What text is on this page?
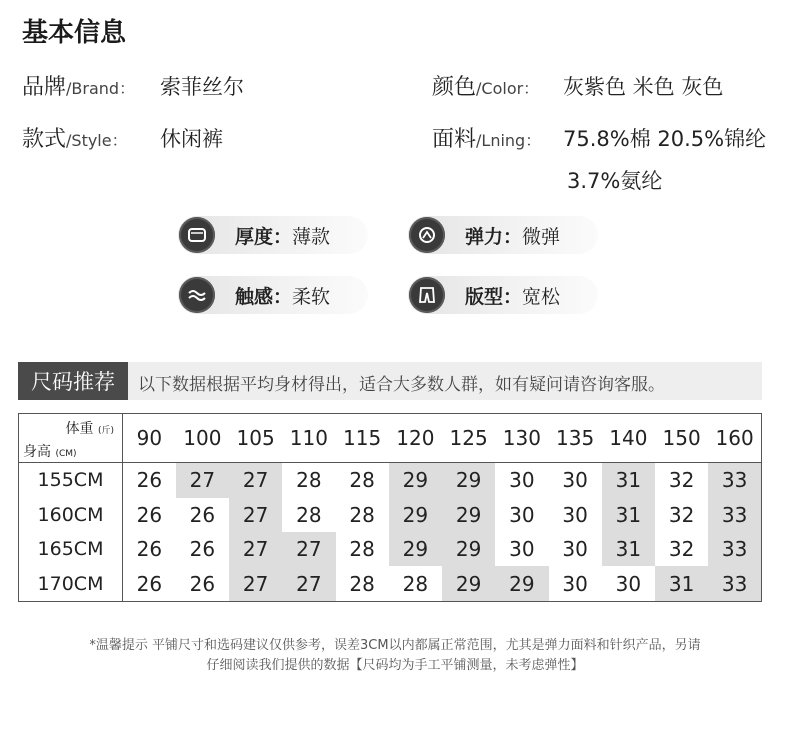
基本信息
品牌/Brand： 索菲丝尔	颜色/Color： 灰紫色 米色 灰色
款式/Style： 休闲裤	面料/Lning： 75.8%棉 20.5%锦纶
3.7%氨纶
厚度： 薄款	弹力： 微弹
触感： 柔软	版型： 宽松
尺码推荐	以下数据根据平均身材得出，适合大多数人群，如有疑问请咨询客服。
体重 (斤)
身高 (CM)	90	100	105	110	115	120	125	130	135	140	150	160
155CM	26	27	27	28	28	29	29	30	30	31	32	33
160CM	26	26	27	28	28	29	29	30	30	31	32	33
165CM	26	26	27	27	28	29	29	30	30	31	32	33
170CM	26	26	27	27	28	28	29	29	30	30	31	33
*温馨提示 平铺尺寸和选码建议仅供参考，误差3CM以内都属正常范围，尤其是弹力面料和针织产品，另请
仔细阅读我们提供的数据【尺码均为手工平铺测量，未考虑弹性】
